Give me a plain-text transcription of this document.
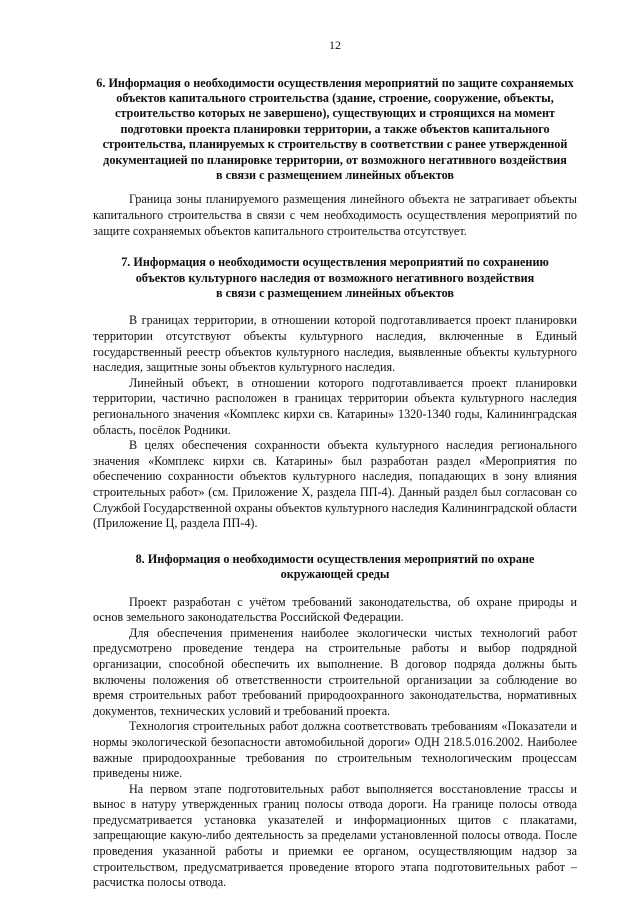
12
6. Информация о необходимости осуществления мероприятий по защите сохраняемых
объектов капитального строительства (здание, строение, сооружение, объекты,
строительство которых не завершено), существующих и строящихся на момент
подготовки проекта планировки территории, а также объектов капитального
строительства, планируемых к строительству в соответствии с ранее утвержденной
документацией по планировке территории, от возможного негативного воздействия
в связи с размещением линейных объектов

Граница зоны планируемого размещения линейного объекта не затрагивает объекты капитального строительства в связи с чем необходимость осуществления мероприятий по защите сохраняемых объектов капитального строительства отсутствует.

7. Информация о необходимости осуществления мероприятий по сохранению
объектов культурного наследия от возможного негативного воздействия
в связи с размещением линейных объектов

В границах территории, в отношении которой подготавливается проект планировки территории отсутствуют объекты культурного наследия, включенные в Единый государственный реестр объектов культурного наследия, выявленные объекты культурного наследия, защитные зоны объектов культурного наследия.

Линейный объект, в отношении которого подготавливается проект планировки территории, частично расположен в границах территории объекта культурного наследия регионального значения «Комплекс кирхи св. Катарины» 1320-1340 годы, Калининградская область, посёлок Родники.

В целях обеспечения сохранности объекта культурного наследия регионального значения «Комплекс кирхи св. Катарины» был разработан раздел «Мероприятия по обеспечению сохранности объектов культурного наследия, попадающих в зону влияния строительных работ» (см. Приложение Х, раздела ПП-4). Данный раздел был согласован со Службой Государственной охраны объектов культурного наследия Калининградской области (Приложение Ц, раздела ПП-4).

8. Информация о необходимости осуществления мероприятий по охране
окружающей среды

Проект разработан с учётом требований законодательства, об охране природы и основ земельного законодательства Российской Федерации.

Для обеспечения применения наиболее экологически чистых технологий работ предусмотрено проведение тендера на строительные работы и выбор подрядной организации, способной обеспечить их выполнение. В договор подряда должны быть включены положения об ответственности строительной организации за соблюдение во время строительных работ требований природоохранного законодательства, нормативных документов, технических условий и требований проекта.

Технология строительных работ должна соответствовать требованиям «Показатели и нормы экологической безопасности автомобильной дороги» ОДН 218.5.016.2002. Наиболее важные природоохранные требования по строительным технологическим процессам приведены ниже.

На первом этапе подготовительных работ выполняется восстановление трассы и вынос в натуру утвержденных границ полосы отвода дороги. На границе полосы отвода предусматривается установка указателей и информационных щитов с плакатами, запрещающие какую-либо деятельность за пределами установленной полосы отвода. После проведения указанной работы и приемки ее органом, осуществляющим надзор за строительством, предусматривается проведение второго этапа подготовительных работ – расчистка полосы отвода.
